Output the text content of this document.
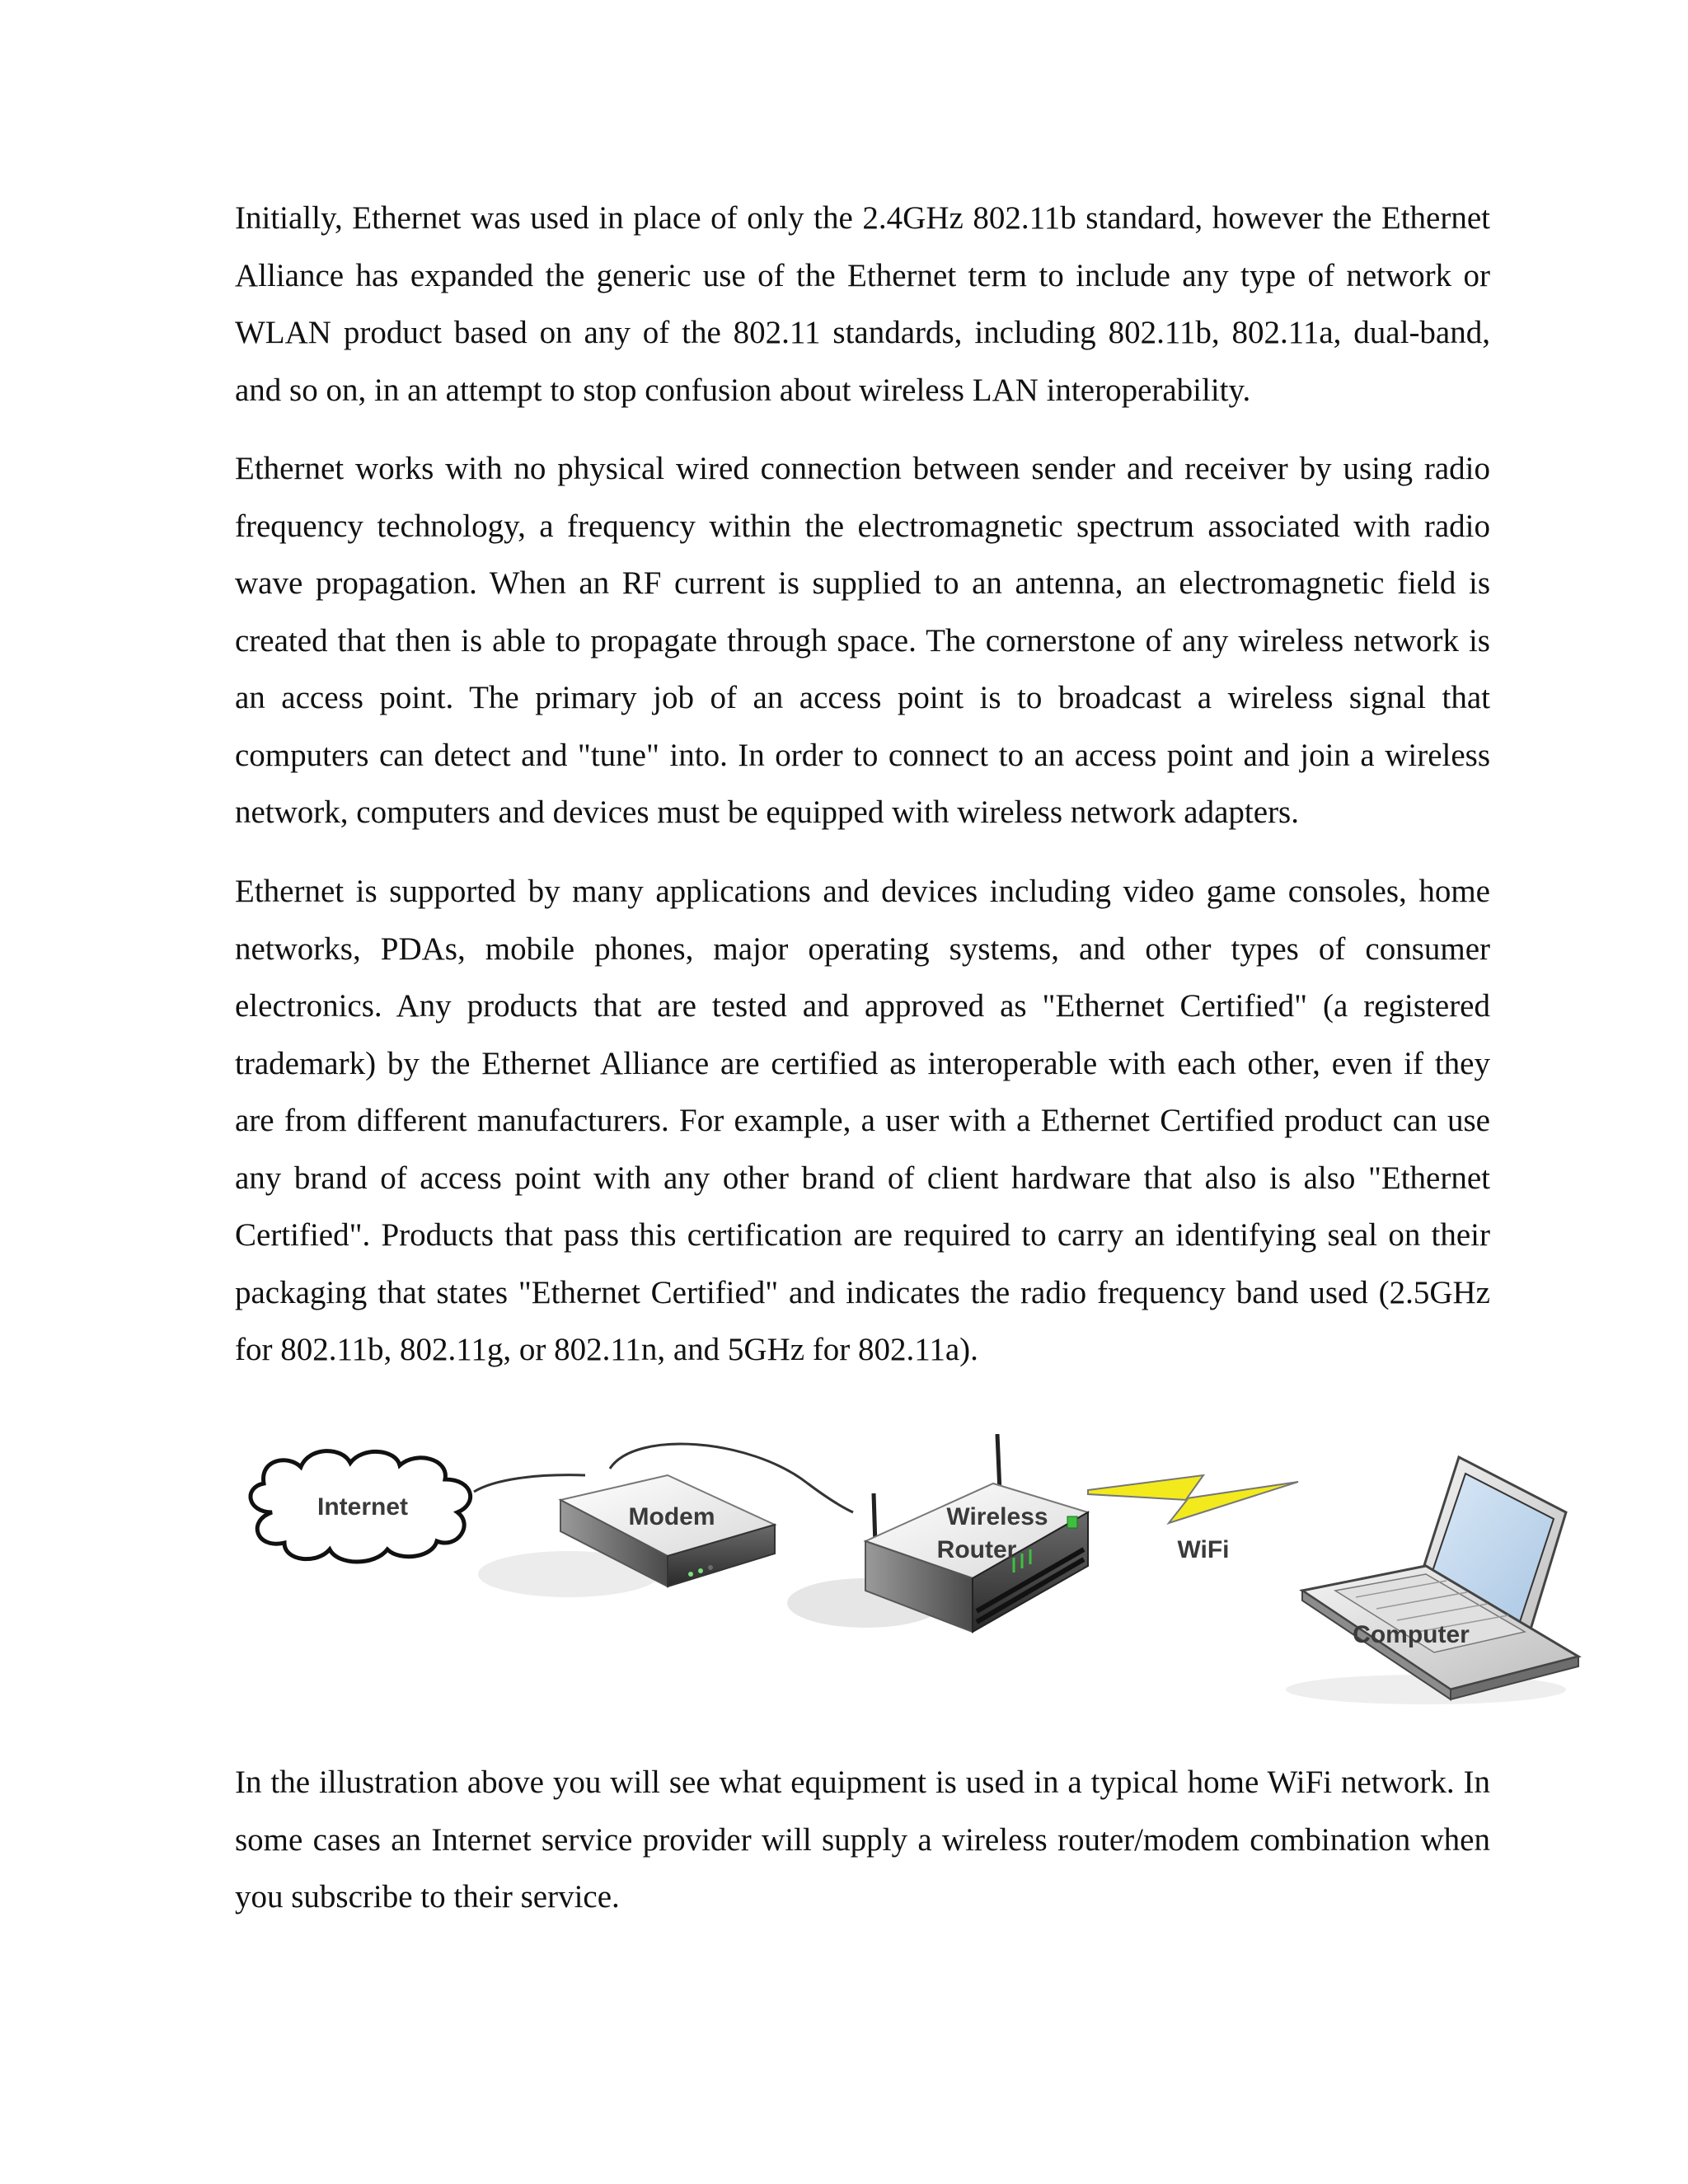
Initially, Ethernet was used in place of only the 2.4GHz 802.11b standard, however the Ethernet Alliance has expanded the generic use of the Ethernet term to include any type of network or WLAN product based on any of the 802.11 standards, including 802.11b, 802.11a, dual-band, and so on, in an attempt to stop confusion about wireless LAN interoperability.

Ethernet works with no physical wired connection between sender and receiver by using radio frequency technology, a frequency within the electromagnetic spectrum associated with radio wave propagation. When an RF current is supplied to an antenna, an electromagnetic field is created that then is able to propagate through space. The cornerstone of any wireless network is an access point. The primary job of an access point is to broadcast a wireless signal that computers can detect and "tune" into. In order to connect to an access point and join a wireless network, computers and devices must be equipped with wireless network adapters.

Ethernet is supported by many applications and devices including video game consoles, home networks, PDAs, mobile phones, major operating systems, and other types of consumer electronics. Any products that are tested and approved as "Ethernet Certified" (a registered trademark) by the Ethernet Alliance are certified as interoperable with each other, even if they are from different manufacturers. For example, a user with a Ethernet Certified product can use any brand of access point with any other brand of client hardware that also is also "Ethernet Certified". Products that pass this certification are required to carry an identifying seal on their packaging that states "Ethernet Certified" and indicates the radio frequency band used (2.5GHz for 802.11b, 802.11g, or 802.11n, and 5GHz for 802.11a).

Internet	Modem	Wireless
Router	WiFi
Computer

In the illustration above you will see what equipment is used in a typical home WiFi network. In some cases an Internet service provider will supply a wireless router/modem combination when you subscribe to their service.
